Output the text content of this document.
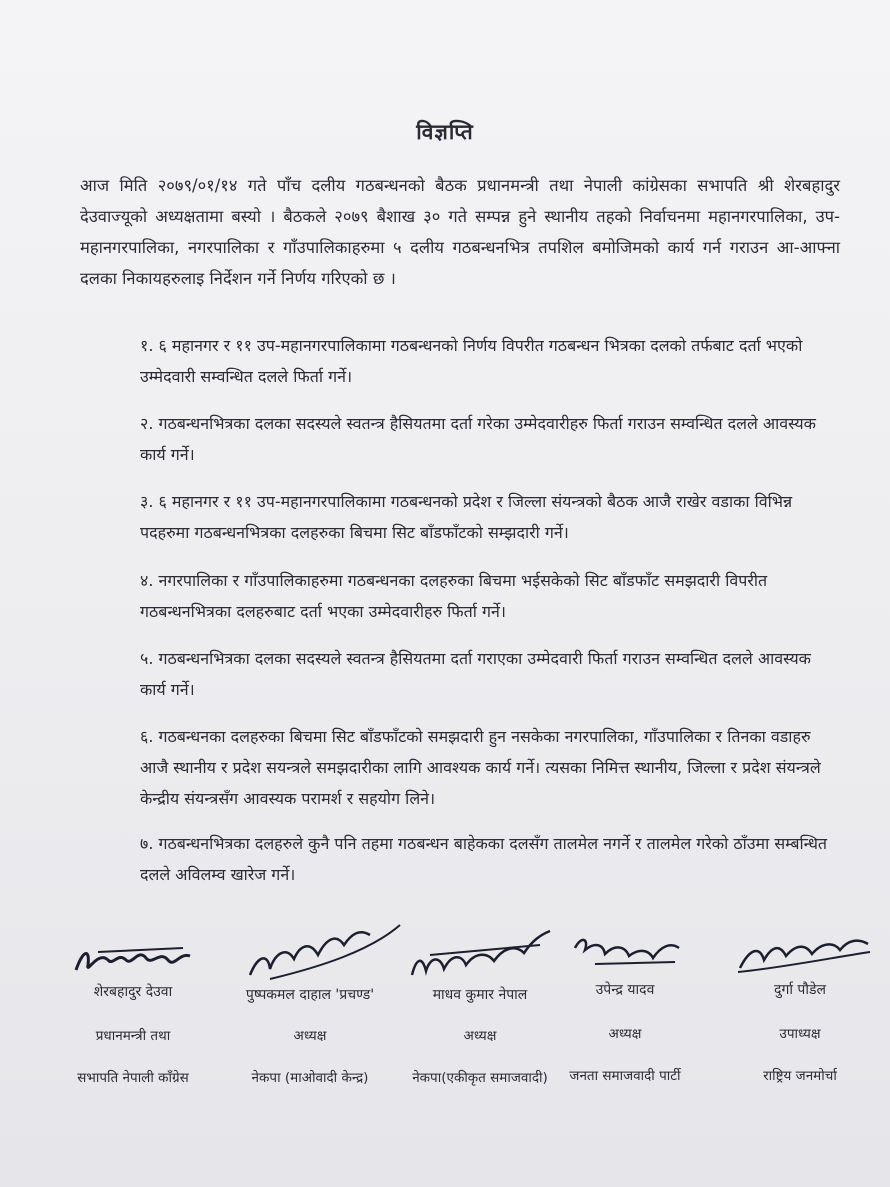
विज्ञप्ति
आज मिति २०७९/०१/१४ गते पाँच दलीय गठबन्धनको बैठक प्रधानमन्त्री तथा नेपाली कांग्रेसका सभापति श्री शेरबहादुर देउवाज्यूको अध्यक्षतामा बस्यो । बैठकले २०७९ बैशाख ३० गते सम्पन्न हुने स्थानीय तहको निर्वाचनमा महानगरपालिका, उप-महानगरपालिका, नगरपालिका र गाँउपालिकाहरुमा ५ दलीय गठबन्धनभित्र तपशिल बमोजिमको कार्य गर्न गराउन आ-आफ्ना दलका निकायहरुलाइ निर्देशन गर्ने निर्णय गरिएको छ ।
१. ६ महानगर र ११ उप-महानगरपालिकामा गठबन्धनको निर्णय विपरीत गठबन्धन भित्रका दलको तर्फबाट दर्ता भएको उम्मेदवारी सम्वन्धित दलले फिर्ता गर्ने।
२. गठबन्धनभित्रका दलका सदस्यले स्वतन्त्र हैसियतमा दर्ता गरेका उम्मेदवारीहरु फिर्ता गराउन सम्वन्धित दलले आवस्यक कार्य गर्ने।
३. ६ महानगर र ११ उप-महानगरपालिकामा गठबन्धनको प्रदेश र जिल्ला संयन्त्रको बैठक आजै राखेर वडाका विभिन्न पदहरुमा गठबन्धनभित्रका दलहरुका बिचमा सिट बाँडफाँटको सम्झदारी गर्ने।
४. नगरपालिका र गाँउपालिकाहरुमा गठबन्धनका दलहरुका बिचमा भईसकेको सिट बाँडफाँट समझदारी विपरीत गठबन्धनभित्रका दलहरुबाट दर्ता भएका उम्मेदवारीहरु फिर्ता गर्ने।
५. गठबन्धनभित्रका दलका सदस्यले स्वतन्त्र हैसियतमा दर्ता गराएका उम्मेदवारी फिर्ता गराउन सम्वन्धित दलले आवस्यक कार्य गर्ने।
६. गठबन्धनका दलहरुका बिचमा सिट बाँडफाँटको समझदारी हुन नसकेका नगरपालिका, गाँउपालिका र तिनका वडाहरु आजै स्थानीय र प्रदेश सयन्त्रले समझदारीका लागि आवश्यक कार्य गर्ने। त्यसका निमित्त स्थानीय, जिल्ला र प्रदेश संयन्त्रले केन्द्रीय संयन्त्रसँग आवस्यक परामर्श र सहयोग लिने।
७. गठबन्धनभित्रका दलहरुले कुनै पनि तहमा गठबन्धन बाहेकका दलसँग तालमेल नगर्ने र तालमेल गरेको ठाँउमा सम्बन्धित दलले अविलम्व खारेज गर्ने।
शेरबहादुर देउवा
प्रधानमन्त्री तथा
सभापति नेपाली काँग्रेस
पुष्पकमल दाहाल 'प्रचण्ड'
अध्यक्ष
नेकपा (माओवादी केन्द्र)
माधव कुमार नेपाल
अध्यक्ष
नेकपा(एकीकृत समाजवादी)
उपेन्द्र यादव
अध्यक्ष
जनता समाजवादी पार्टी
दुर्गा पौडेल
उपाध्यक्ष
राष्ट्रिय जनमोर्चा
